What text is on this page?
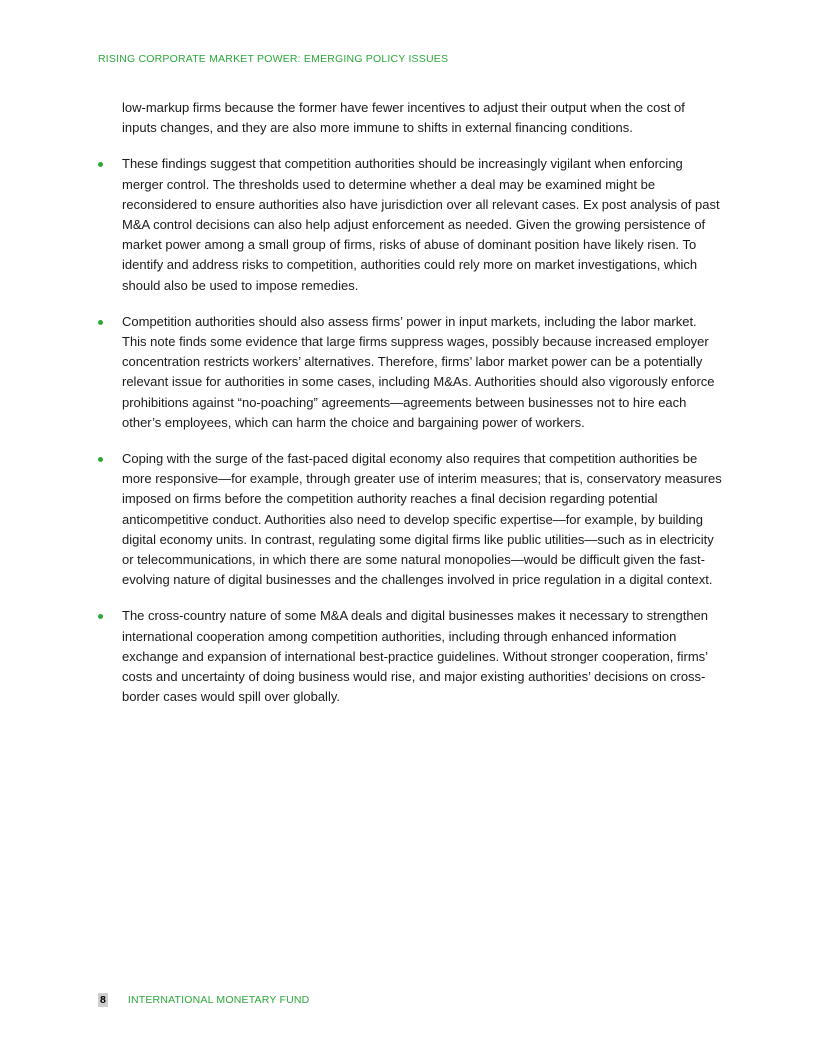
RISING CORPORATE MARKET POWER: EMERGING POLICY ISSUES

low-markup firms because the former have fewer incentives to adjust their output when the cost of inputs changes, and they are also more immune to shifts in external financing conditions.

These findings suggest that competition authorities should be increasingly vigilant when enforcing merger control. The thresholds used to determine whether a deal may be examined might be reconsidered to ensure authorities also have jurisdiction over all relevant cases. Ex post analysis of past M&A control decisions can also help adjust enforcement as needed. Given the growing persistence of market power among a small group of firms, risks of abuse of dominant position have likely risen. To identify and address risks to competition, authorities could rely more on market investigations, which should also be used to impose remedies.
Competition authorities should also assess firms’ power in input markets, including the labor market. This note finds some evidence that large firms suppress wages, possibly because increased employer concentration restricts workers’ alternatives. Therefore, firms’ labor market power can be a potentially relevant issue for authorities in some cases, including M&As. Authorities should also vigorously enforce prohibitions against “no-poaching” agreements—agreements between businesses not to hire each other’s employees, which can harm the choice and bargaining power of workers.
Coping with the surge of the fast-paced digital economy also requires that competition authorities be more responsive—for example, through greater use of interim measures; that is, conservatory measures imposed on firms before the competition authority reaches a final decision regarding potential anticompetitive conduct. Authorities also need to develop specific expertise—for example, by building digital economy units. In contrast, regulating some digital firms like public utilities—such as in electricity or telecommunications, in which there are some natural monopolies—would be difficult given the fast-evolving nature of digital businesses and the challenges involved in price regulation in a digital context.
The cross-country nature of some M&A deals and digital businesses makes it necessary to strengthen international cooperation among competition authorities, including through enhanced information exchange and expansion of international best-practice guidelines. Without stronger cooperation, firms’ costs and uncertainty of doing business would rise, and major existing authorities’ decisions on cross-border cases would spill over globally.
8 INTERNATIONAL MONETARY FUND
